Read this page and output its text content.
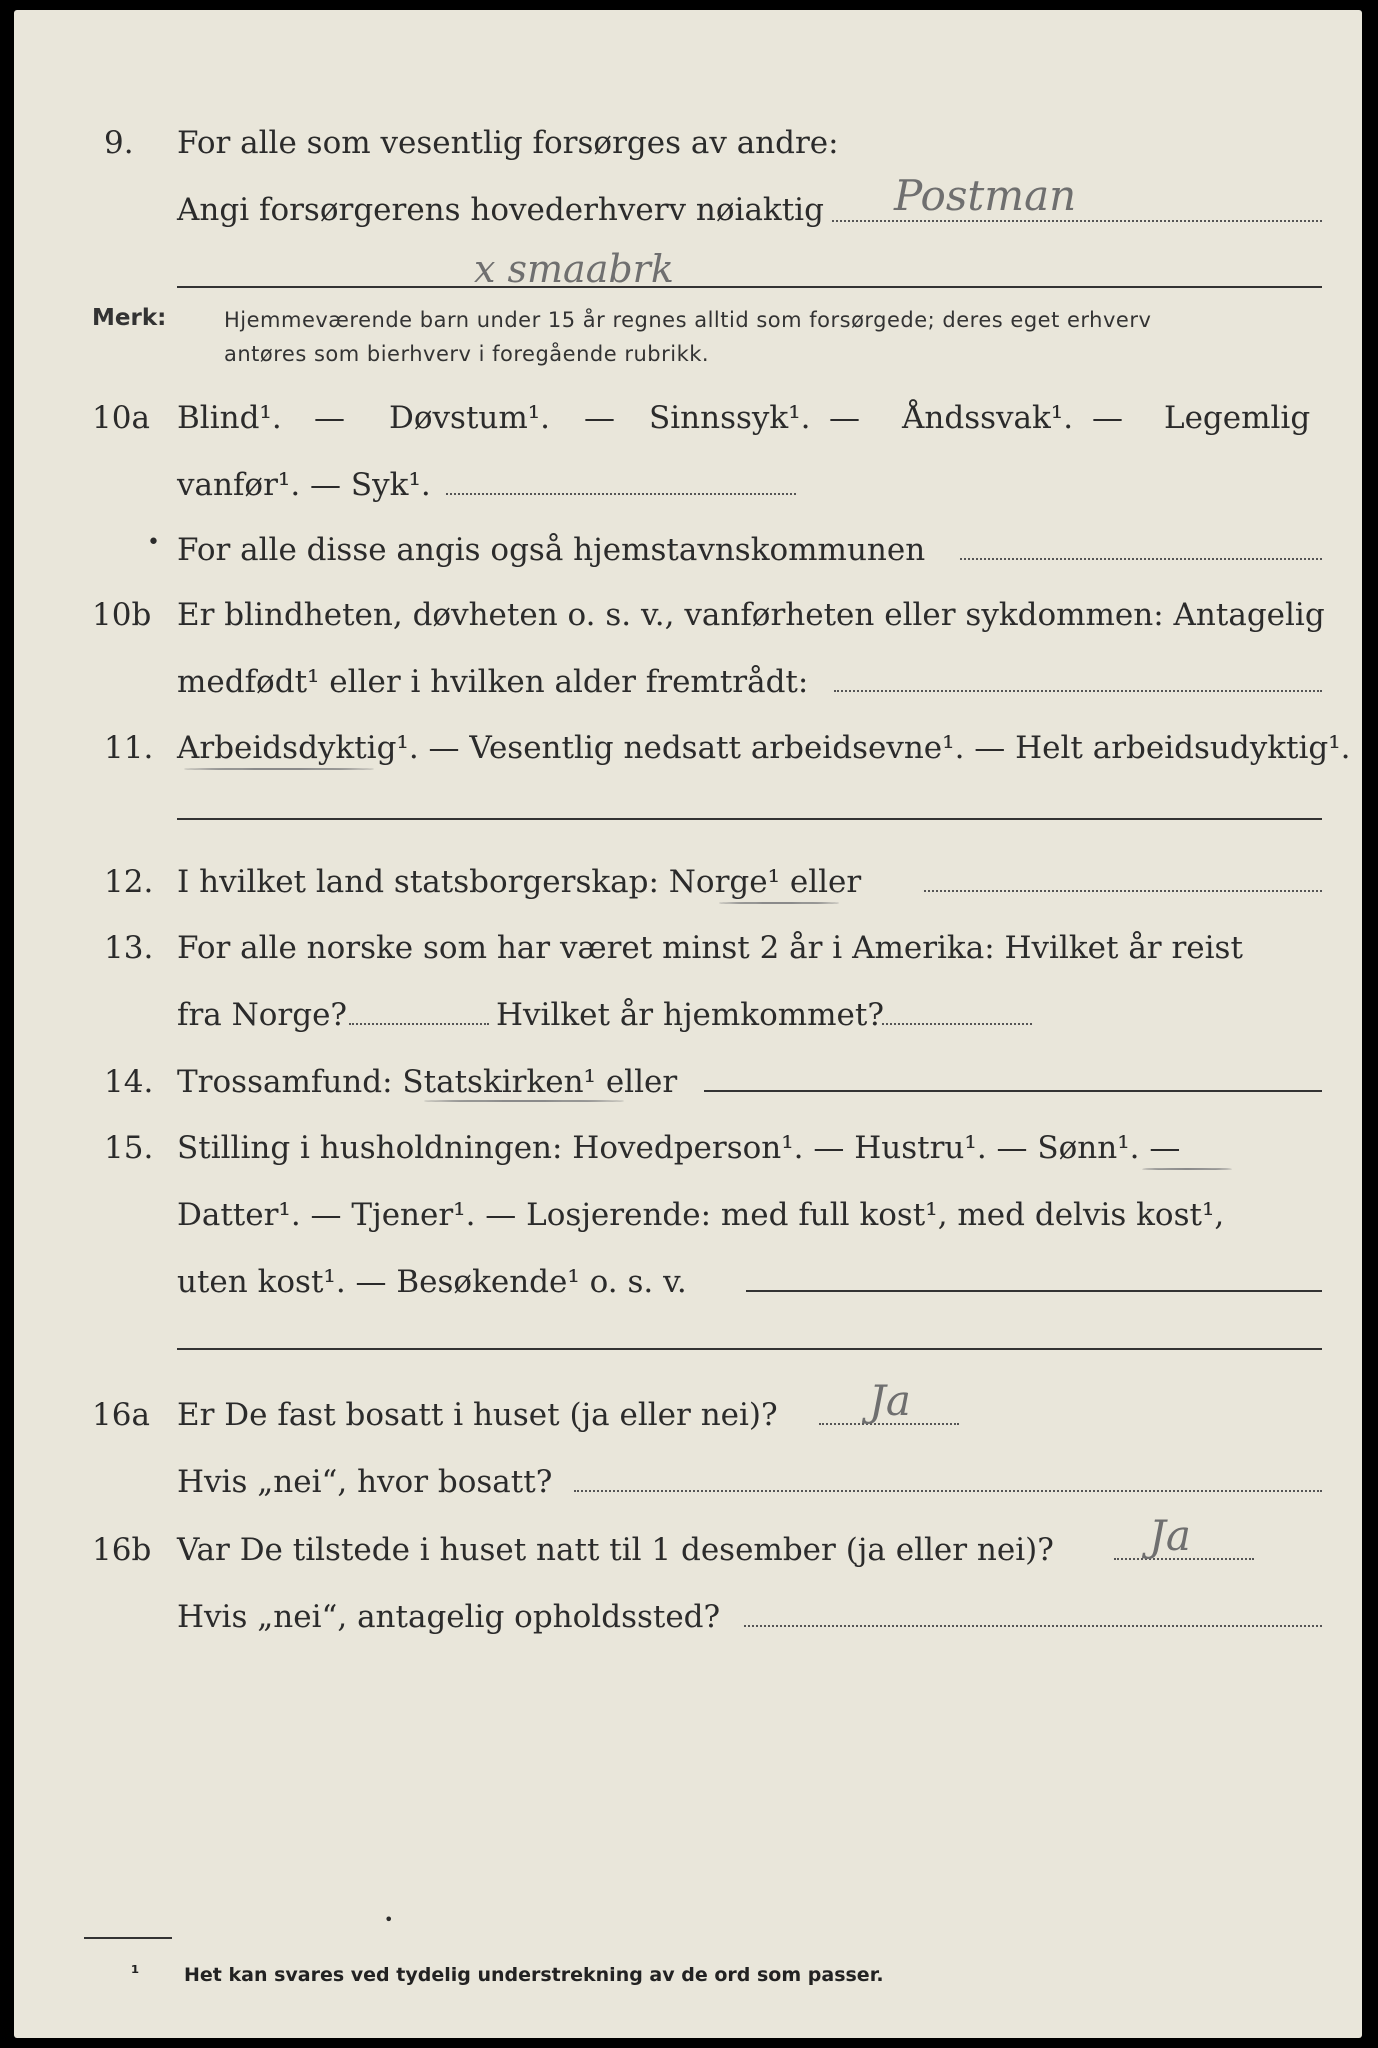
9. For alle som vesentlig forsørges av andre:
Angi forsørgerens hovederhverv nøiaktig Postman
x smaabrk
Merk:	Hjemmeværende barn under 15 år regnes alltid som forsørgede; deres eget erhverv
antøres som bierhverv i foregående rubrikk.
10a Blind¹. — Døvstum¹. — Sinnssyk¹. — Åndssvak¹. — Legemlig
vanfør¹. — Syk¹.
• For alle disse angis også hjemstavnskommunen
10b Er blindheten, døvheten o. s. v., vanførheten eller sykdommen: Antagelig
medfødt¹ eller i hvilken alder fremtrådt:
11. Arbeidsdyktig¹. — Vesentlig nedsatt arbeidsevne¹. — Helt arbeidsudyktig¹.
12. I hvilket land statsborgerskap: Norge¹ eller
13. For alle norske som har været minst 2 år i Amerika: Hvilket år reist
fra Norge?	Hvilket år hjemkommet?
14. Trossamfund: Statskirken¹ eller
15. Stilling i husholdningen: Hovedperson¹. — Hustru¹. — Sønn¹. —
Datter¹. — Tjener¹. — Losjerende: med full kost¹, med delvis kost¹,
uten kost¹. — Besøkende¹ o. s. v.
16a Er De fast bosatt i huset (ja eller nei)? Ja
Hvis „nei“, hvor bosatt?
16b Var De tilstede i huset natt til 1 desember (ja eller nei)? Ja
Hvis „nei“, antagelig opholdssted?
•
¹ Het kan svares ved tydelig understrekning av de ord som passer.
